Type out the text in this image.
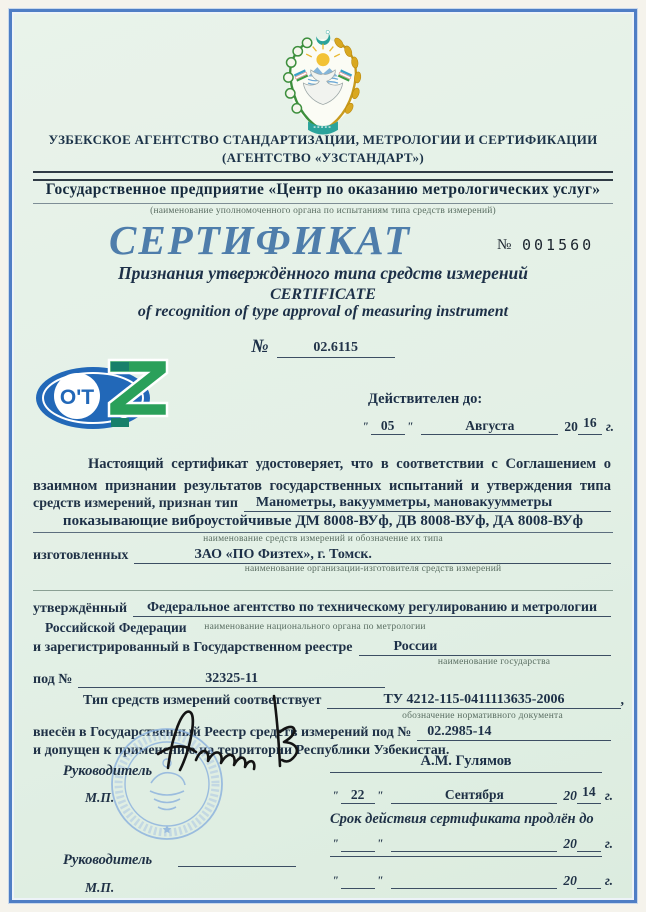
УЗБЕКСКОЕ АГЕНТСТВО СТАНДАРТИЗАЦИИ, МЕТРОЛОГИИ И СЕРТИФИКАЦИИ
(АГЕНТСТВО «УЗСТАНДАРТ»)
Государственное предприятие «Центр по оказанию метрологических услуг»
(наименование уполномоченного органа по испытаниям типа средств измерений)
СЕРТИФИКАТ	№ 001560
Признания утверждённого типа средств измерений
CERTIFICATE
of recognition of type approval of measuring instrument
№	02.6115
O'T	Действителен до:
" 05	"	Августа	20 16 г.
Настоящий сертификат удостоверяет, что в соответствии с Соглашением о
взаимном признании результатов государственных испытаний и утверждения типа
средств измерений, признан тип	Манометры, вакуумметры, мановакуумметры
показывающие виброустойчивые ДМ 8008-ВУф, ДВ 8008-ВУф, ДА 8008-ВУф
наименование средств измерений и обозначение их типа
изготовленных	ЗАО «ПО Физтех», г. Томск.
наименование организации-изготовителя средств измерений
утверждённый	Федеральное агентство по техническому регулированию и метрологии
Российской Федерации	наименование национального органа по метрологии
и зарегистрированный в Государственном реестре	России
наименование государства
под №	32325-11
Тип средств измерений соответствует	ТУ 4212-115-0411113635-2006	,
обозначение нормативного документа
внесён в Государственный Реестр средств измерений под №	02.2985-14
и допущен к применению на территории Республики Узбекистан.
Руководитель
А.М. Гулямов
М.П.	" 22	"	Сентября	20 14 г.
Срок действия сертификата продлён до
"	"	20 г.
Руководитель
М.П.	"	"	20 г.
